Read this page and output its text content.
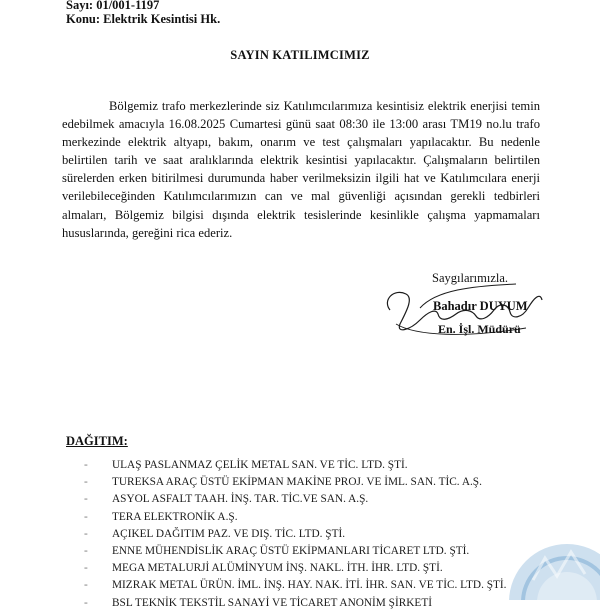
Sayı: 01/001-1197
Konu: Elektrik Kesintisi Hk.
SAYIN KATILIMCIMIZ

Bölgemiz trafo merkezlerinde siz Katılımcılarımıza kesintisiz elektrik enerjisi temin edebilmek amacıyla 16.08.2025 Cumartesi günü saat 08:30 ile 13:00 arası TM19 no.lu trafo merkezinde elektrik altyapı, bakım, onarım ve test çalışmaları yapılacaktır. Bu nedenle belirtilen tarih ve saat aralıklarında elektrik kesintisi yapılacaktır. Çalışmaların belirtilen sürelerden erken bitirilmesi durumunda haber verilmeksizin ilgili hat ve Katılımcılara enerji verilebileceğinden Katılımcılarımızın can ve mal güvenliği açısından gerekli tedbirleri almaları, Bölgemiz bilgisi dışında elektrik tesislerinde kesinlikle çalışma yapmamaları hususlarında, gereğini rica ederiz.

Saygılarımızla.
Bahadır DUYUM
En. İşl. Müdürü
DAĞITIM:
- ULAŞ PASLANMAZ ÇELİK METAL SAN. VE TİC. LTD. ŞTİ.
- TUREKSA ARAÇ ÜSTÜ EKİPMAN MAKİNE PROJ. VE İML. SAN. TİC. A.Ş.
- ASYOL ASFALT TAAH. İNŞ. TAR. TİC.VE SAN. A.Ş.
- TERA ELEKTRONİK A.Ş.
- AÇIKEL DAĞITIM PAZ. VE DIŞ. TİC. LTD. ŞTİ.
- ENNE MÜHENDİSLİK ARAÇ ÜSTÜ EKİPMANLARI TİCARET LTD. ŞTİ.
- MEGA METALURJİ ALÜMİNYUM İNŞ. NAKL. İTH. İHR. LTD. ŞTİ.
- MIZRAK METAL ÜRÜN. İML. İNŞ. HAY. NAK. İTİ. İHR. SAN. VE TİC. LTD. ŞTİ.
- BSL TEKNİK TEKSTİL SANAYİ VE TİCARET ANONİM ŞİRKETİ
